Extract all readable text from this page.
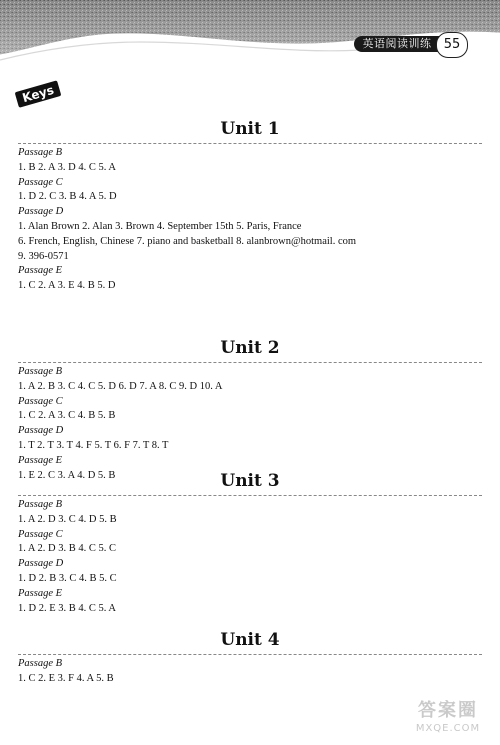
英语阅读训练 55
Keys
Unit 1
Passage B
1. B 2. A 3. D 4. C 5. A
Passage C
1. D 2. C 3. B 4. A 5. D
Passage D
1. Alan Brown 2. Alan 3. Brown 4. September 15th 5. Paris, France
6. French, English, Chinese 7. piano and basketball 8. alanbrown@hotmail. com
9. 396-0571
Passage E
1. C 2. A 3. E 4. B 5. D
Unit 2
Passage B
1. A 2. B 3. C 4. C 5. D 6. D 7. A 8. C 9. D 10. A
Passage C
1. C 2. A 3. C 4. B 5. B
Passage D
1. T 2. T 3. T 4. F 5. T 6. F 7. T 8. T
Passage E
1. E 2. C 3. A 4. D 5. B	Unit 3
Passage B
1. A 2. D 3. C 4. D 5. B
Passage C
1. A 2. D 3. B 4. C 5. C
Passage D
1. D 2. B 3. C 4. B 5. C
Passage E
1. D 2. E 3. B 4. C 5. A
Unit 4
Passage B
1. C 2. E 3. F 4. A 5. B
答案圈
MXQE.COM
